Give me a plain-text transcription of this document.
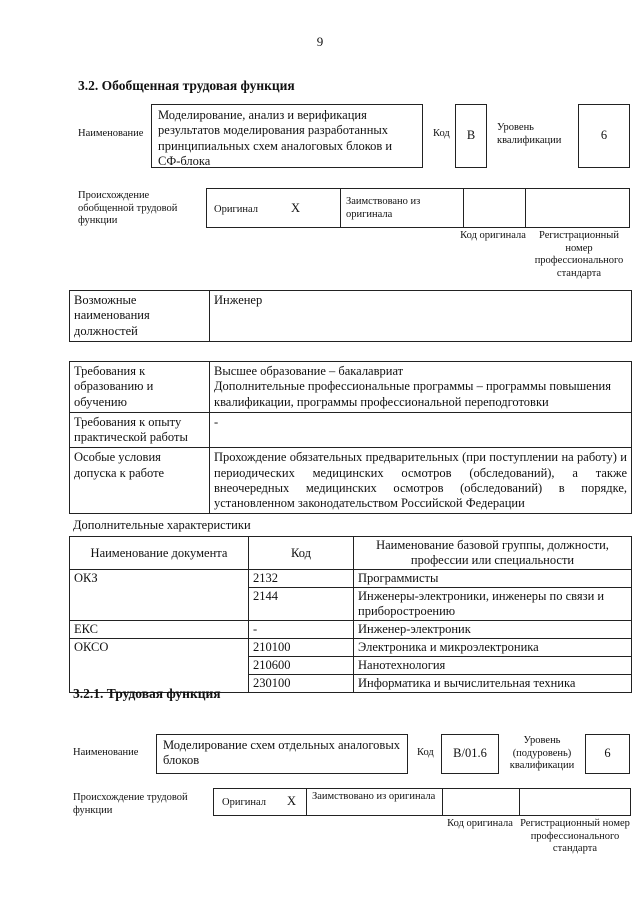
9
3.2. Обобщенная трудовая функция
Наименование
Моделирование, анализ и верификация результатов моделирования разработанных принципиальных схем аналоговых блоков и СФ-блока
Код B
Уровень квалификации	6
Происхождение обобщенной трудовой функции
Оригинал	X	Заимствовано из оригинала
Код оригинала	Регистрационный номер профессионального стандарта
Возможные наименования должностей	Инженер
Требования к образованию и обучению	Высшее образование – бакалавриат
Дополнительные профессиональные программы – программы повышения квалификации, программы профессиональной переподготовки
Требования к опыту практической работы	-
Особые условия допуска к работе	Прохождение обязательных предварительных (при поступлении на работу) и периодических медицинских осмотров (обследований), а также внеочередных медицинских осмотров (обследований) в порядке, установленном законодательством Российской Федерации
Дополнительные характеристики
Наименование документа	Код	Наименование базовой группы, должности, профессии или специальности
ОКЗ	2132	Программисты
	2144	Инженеры-электроники, инженеры по связи и приборостроению
ЕКС	-	Инженер-электроник
ОКСО	210100	Электроника и микроэлектроника
	210600	Нанотехнология
	230100	Информатика и вычислительная техника
3.2.1. Трудовая функция
Наименование
Моделирование схем отдельных аналоговых блоков
Код B/01.6
Уровень (подуровень) квалификации
6
Происхождение трудовой функции
Оригинал X Заимствовано из оригинала
Код оригинала Регистрационный номер профессионального стандарта
